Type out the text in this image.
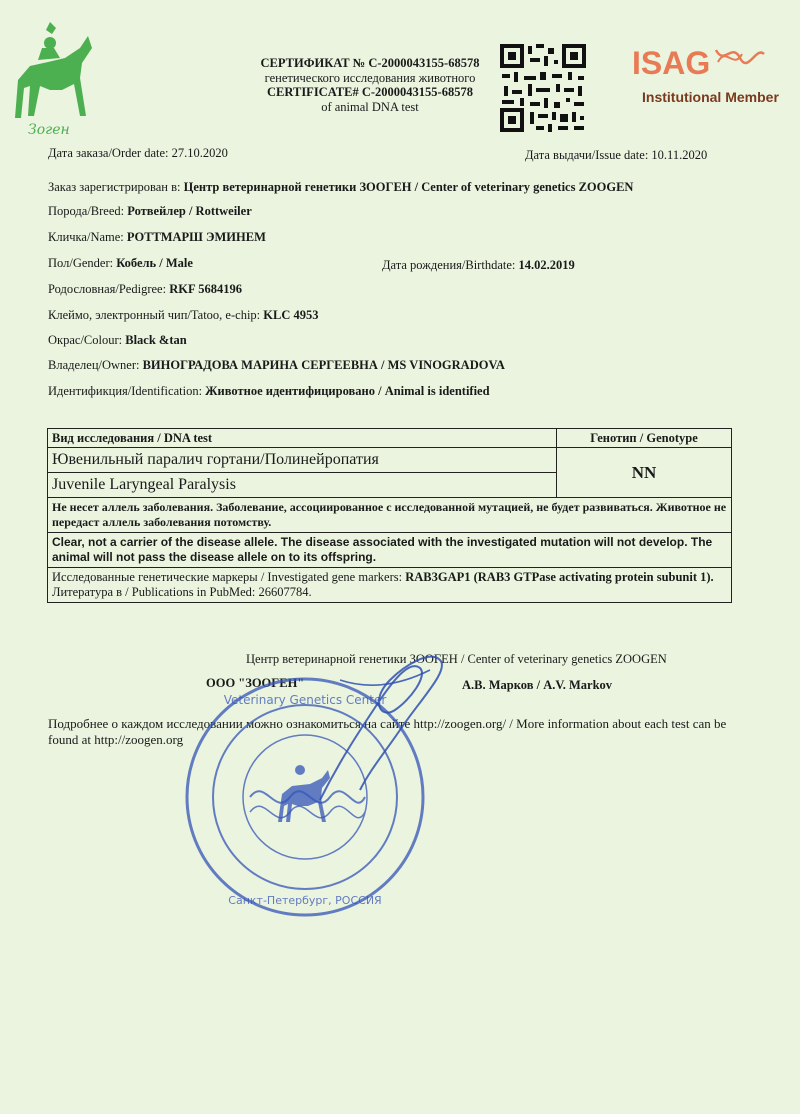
Зоген
СЕРТИФИКАТ № С-2000043155-68578
генетического исследования животного
CERTIFICATE# C-2000043155-68578
of animal DNA test
ISAG
Institutional Member
Дата заказа/Order date: 27.10.2020	Дата выдачи/Issue date: 10.11.2020
Заказ зарегистрирован в: Центр ветеринарной генетики ЗООГЕН / Center of veterinary genetics ZOOGEN
Порода/Breed: Ротвейлер / Rottweiler
Кличка/Name: РОТТМАРШ ЭМИНЕМ
Пол/Gender: Кобель / Male	Дата рождения/Birthdate: 14.02.2019
Родословная/Pedigree: RKF 5684196
Клеймо, электронный чип/Tatoo, e-chip: KLC 4953
Окрас/Colour: Black &tan
Владелец/Owner: ВИНОГРАДОВА МАРИНА СЕРГЕЕВНА / MS VINOGRADOVA
Идентификция/Identification: Животное идентифицировано / Animal is identified
Вид исследования / DNA test	Генотип / Genotype
Ювенильный паралич гортани/Полинейропатия	NN
Juvenile Laryngeal Paralysis	
Не несет аллель заболевания. Заболевание, ассоциированное с исследованной мутацией, не будет развиваться. Животное не передаст аллель заболевания потомству.	
Clear, not a carrier of the disease allele. The disease associated with the investigated mutation will not develop. The animal will not pass the disease allele on to its offspring.	
Исследованные генетические маркеры / Investigated gene markers: RAB3GAP1 (RAB3 GTPase activating protein subunit 1). Литература в / Publications in PubMed: 26607784.	
Центр ветеринарной генетики ЗООГЕН / Center of veterinary genetics ZOOGEN
ООО "ЗООГЕН"	А.В. Марков / A.V. Markov
Подробнее о каждом исследовании можно ознакомиться на сайте http://zoogen.org/ / More information about each test can be found at http://zoogen.org
Veterinary Genetics Center
Санкт-Петербург, РОССИЯ
